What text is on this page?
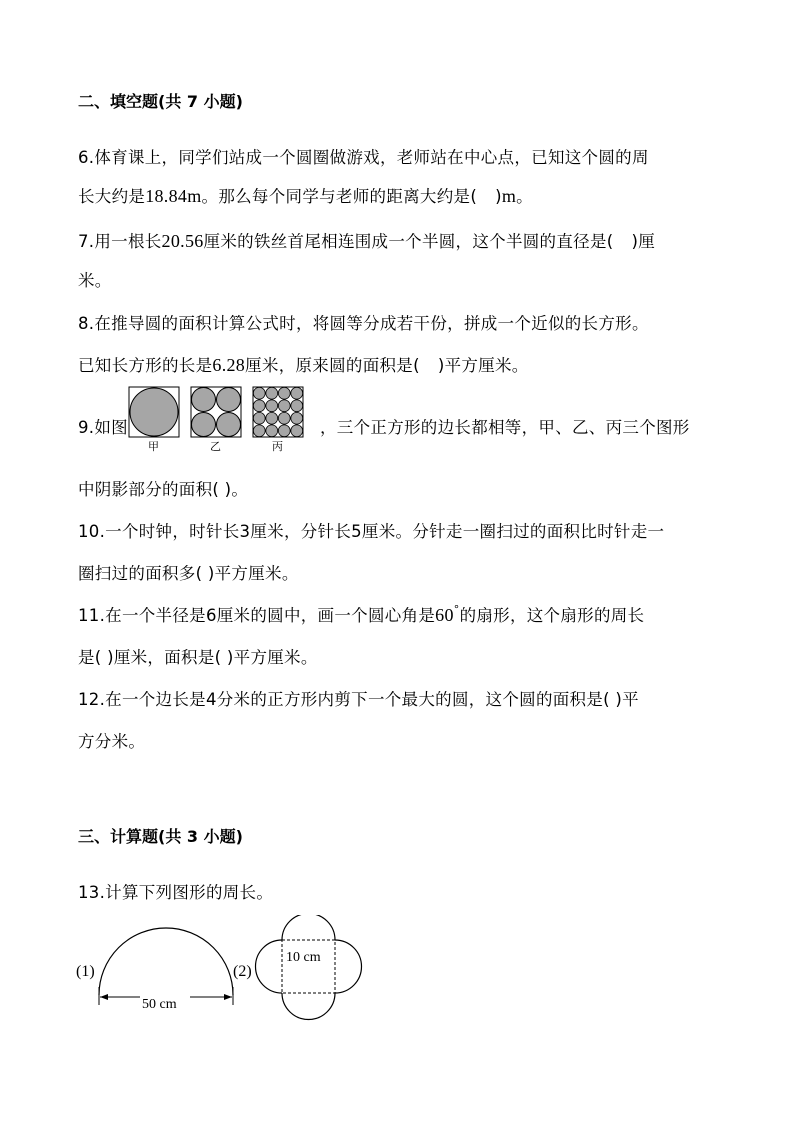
二、填空题(共 7 小题)
6.体育课上，同学们站成一个圆圈做游戏，老师站在中心点，已知这个圆的周
长大约是18.84m。那么每个同学与老师的距离大约是( )m。
7.用一根长20.56厘米的铁丝首尾相连围成一个半圆，这个半圆的直径是( )厘
米。
8.在推导圆的面积计算公式时，将圆等分成若干份，拼成一个近似的长方形。
已知长方形的长是6.28厘米，原来圆的面积是( )平方厘米。
9.如图
甲	乙	丙
，三个正方形的边长都相等，甲、乙、丙三个图形
中阴影部分的面积( )。
10.一个时钟，时针长3厘米，分针长5厘米。分针走一圈扫过的面积比时针走一
圈扫过的面积多( )平方厘米。
11.在一个半径是6厘米的圆中，画一个圆心角是60°的扇形，这个扇形的周长
是( )厘米，面积是( )平方厘米。
12.在一个边长是4分米的正方形内剪下一个最大的圆，这个圆的面积是( )平
方分米。
三、计算题(共 3 小题)
13.计算下列图形的周长。
(1)
50 cm
(2)
10 cm
